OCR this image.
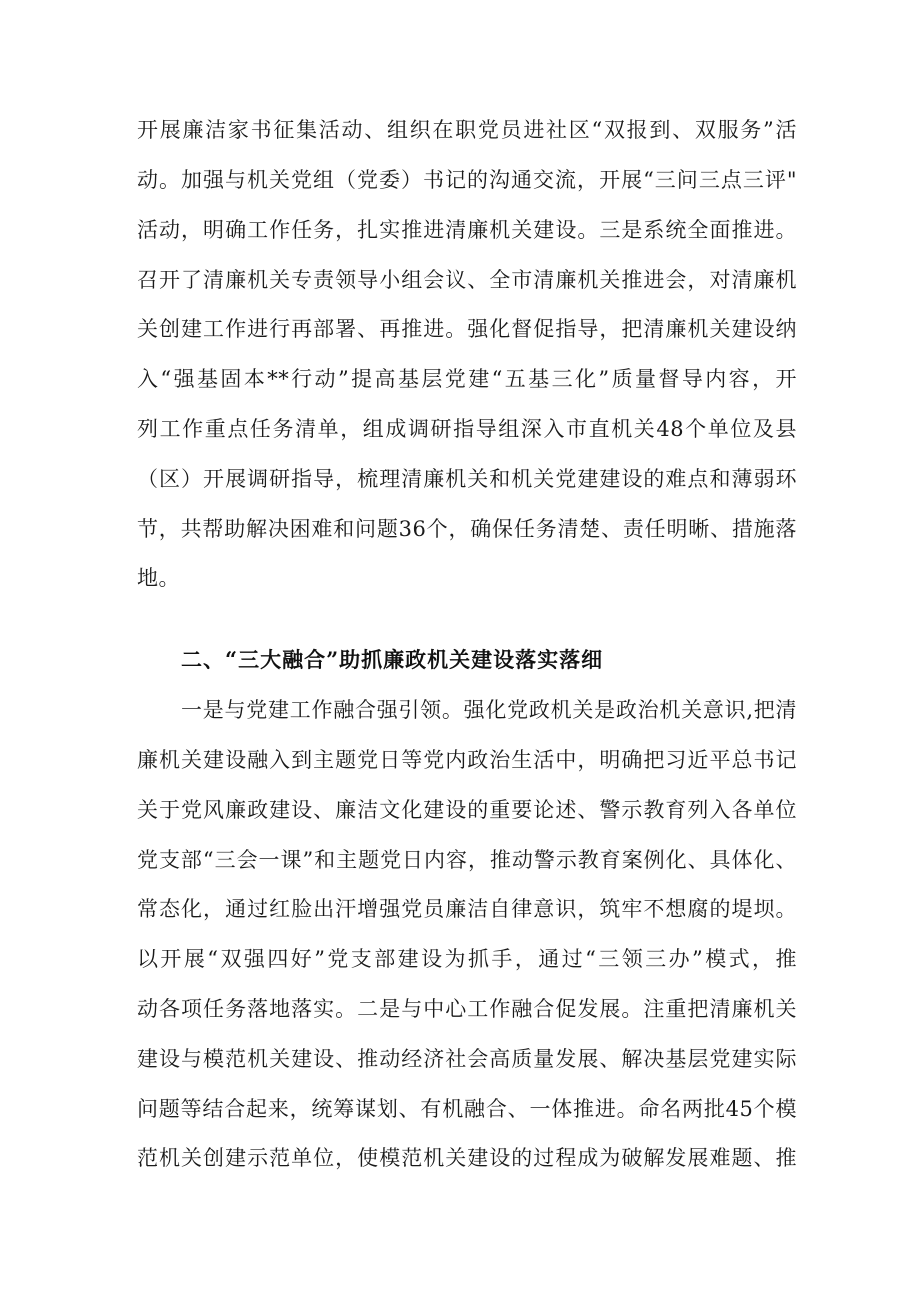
开展廉洁家书征集活动、组织在职党员进社区“双报到、双服务”活
动。加强与机关党组（党委）书记的沟通交流，开展“三问三点三评"
活动，明确工作任务，扎实推进清廉机关建设。三是系统全面推进。
召开了清廉机关专责领导小组会议、全市清廉机关推进会，对清廉机
关创建工作进行再部署、再推进。强化督促指导，把清廉机关建设纳
入“强基固本**行动”提高基层党建“五基三化”质量督导内容，开
列工作重点任务清单，组成调研指导组深入市直机关48个单位及县
（区）开展调研指导，梳理清廉机关和机关党建建设的难点和薄弱环
节，共帮助解决困难和问题36个，确保任务清楚、责任明晰、措施落
地。
二、“三大融合”助抓廉政机关建设落实落细
一是与党建工作融合强引领。强化党政机关是政治机关意识,把清
廉机关建设融入到主题党日等党内政治生活中，明确把习近平总书记
关于党风廉政建设、廉洁文化建设的重要论述、警示教育列入各单位
党支部“三会一课”和主题党日内容，推动警示教育案例化、具体化、
常态化，通过红脸出汗增强党员廉洁自律意识，筑牢不想腐的堤坝。
以开展“双强四好”党支部建设为抓手，通过“三领三办”模式，推
动各项任务落地落实。二是与中心工作融合促发展。注重把清廉机关
建设与模范机关建设、推动经济社会高质量发展、解决基层党建实际
问题等结合起来，统筹谋划、有机融合、一体推进。命名两批45个模
范机关创建示范单位，使模范机关建设的过程成为破解发展难题、推
